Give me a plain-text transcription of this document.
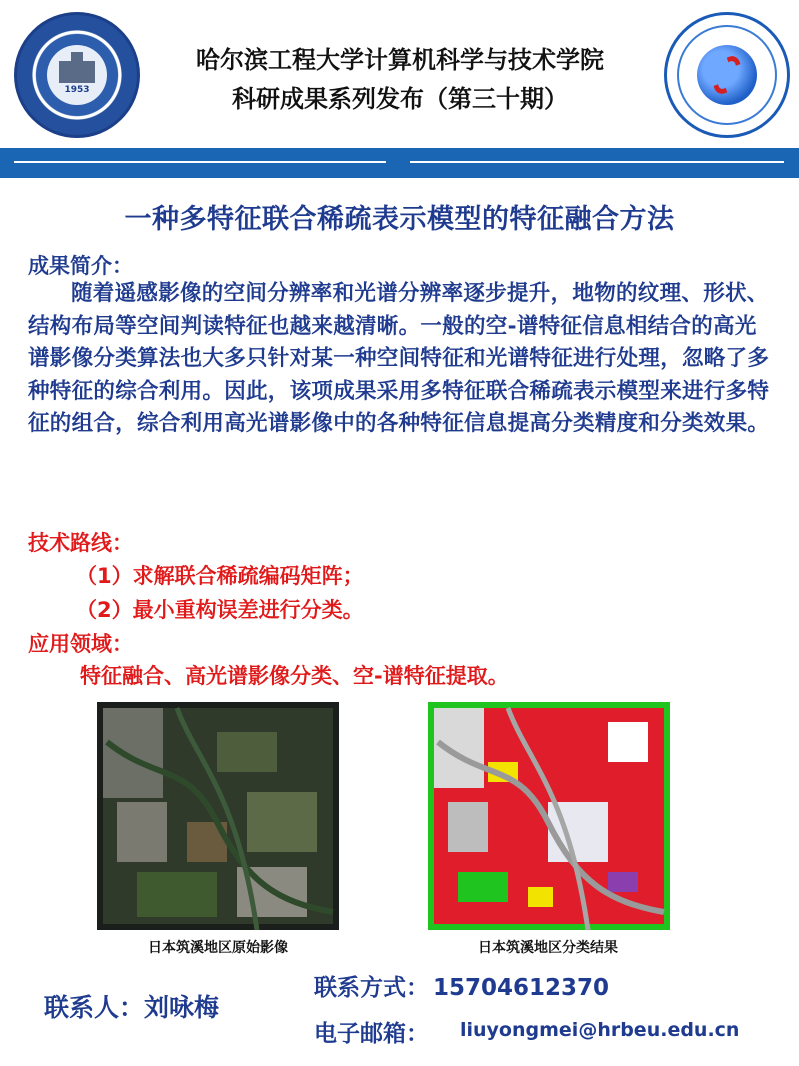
1953
哈尔滨工程大学计算机科学与技术学院
科研成果系列发布（第三十期）
一种多特征联合稀疏表示模型的特征融合方法
成果简介：

随着遥感影像的空间分辨率和光谱分辨率逐步提升，地物的纹理、形状、结构布局等空间判读特征也越来越清晰。一般的空-谱特征信息相结合的高光谱影像分类算法也大多只针对某一种空间特征和光谱特征进行处理，忽略了多种特征的综合利用。因此，该项成果采用多特征联合稀疏表示模型来进行多特征的组合，综合利用高光谱影像中的各种特征信息提高分类精度和分类效果。

技术路线：
（1）求解联合稀疏编码矩阵；
（2）最小重构误差进行分类。
应用领域：
特征融合、高光谱影像分类、空-谱特征提取。
日本筑溪地区原始影像	日本筑溪地区分类结果
联系人：刘咏梅
联系方式： 15704612370
电子邮箱： liuyongmei@hrbeu.edu.cn
